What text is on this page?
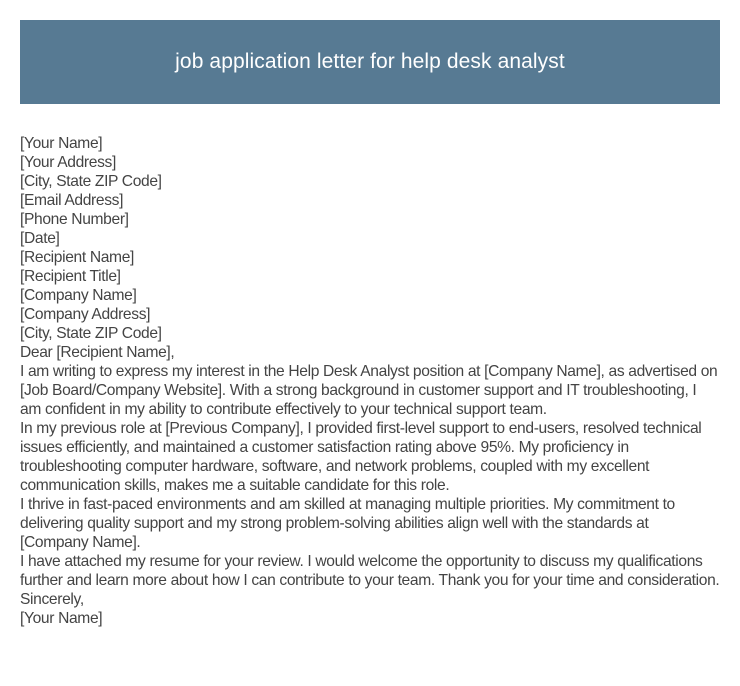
job application letter for help desk analyst

[Your Name]

[Your Address]

[City, State ZIP Code]

[Email Address]

[Phone Number]

[Date]

[Recipient Name]

[Recipient Title]

[Company Name]

[Company Address]

[City, State ZIP Code]

Dear [Recipient Name],

I am writing to express my interest in the Help Desk Analyst position at [Company Name], as advertised on [Job Board/Company Website]. With a strong background in customer support and IT troubleshooting, I am confident in my ability to contribute effectively to your technical support team.

In my previous role at [Previous Company], I provided first-level support to end-users, resolved technical issues efficiently, and maintained a customer satisfaction rating above 95%. My proficiency in troubleshooting computer hardware, software, and network problems, coupled with my excellent communication skills, makes me a suitable candidate for this role.

I thrive in fast-paced environments and am skilled at managing multiple priorities. My commitment to delivering quality support and my strong problem-solving abilities align well with the standards at [Company Name].

I have attached my resume for your review. I would welcome the opportunity to discuss my qualifications further and learn more about how I can contribute to your team. Thank you for your time and consideration.

Sincerely,

[Your Name]
